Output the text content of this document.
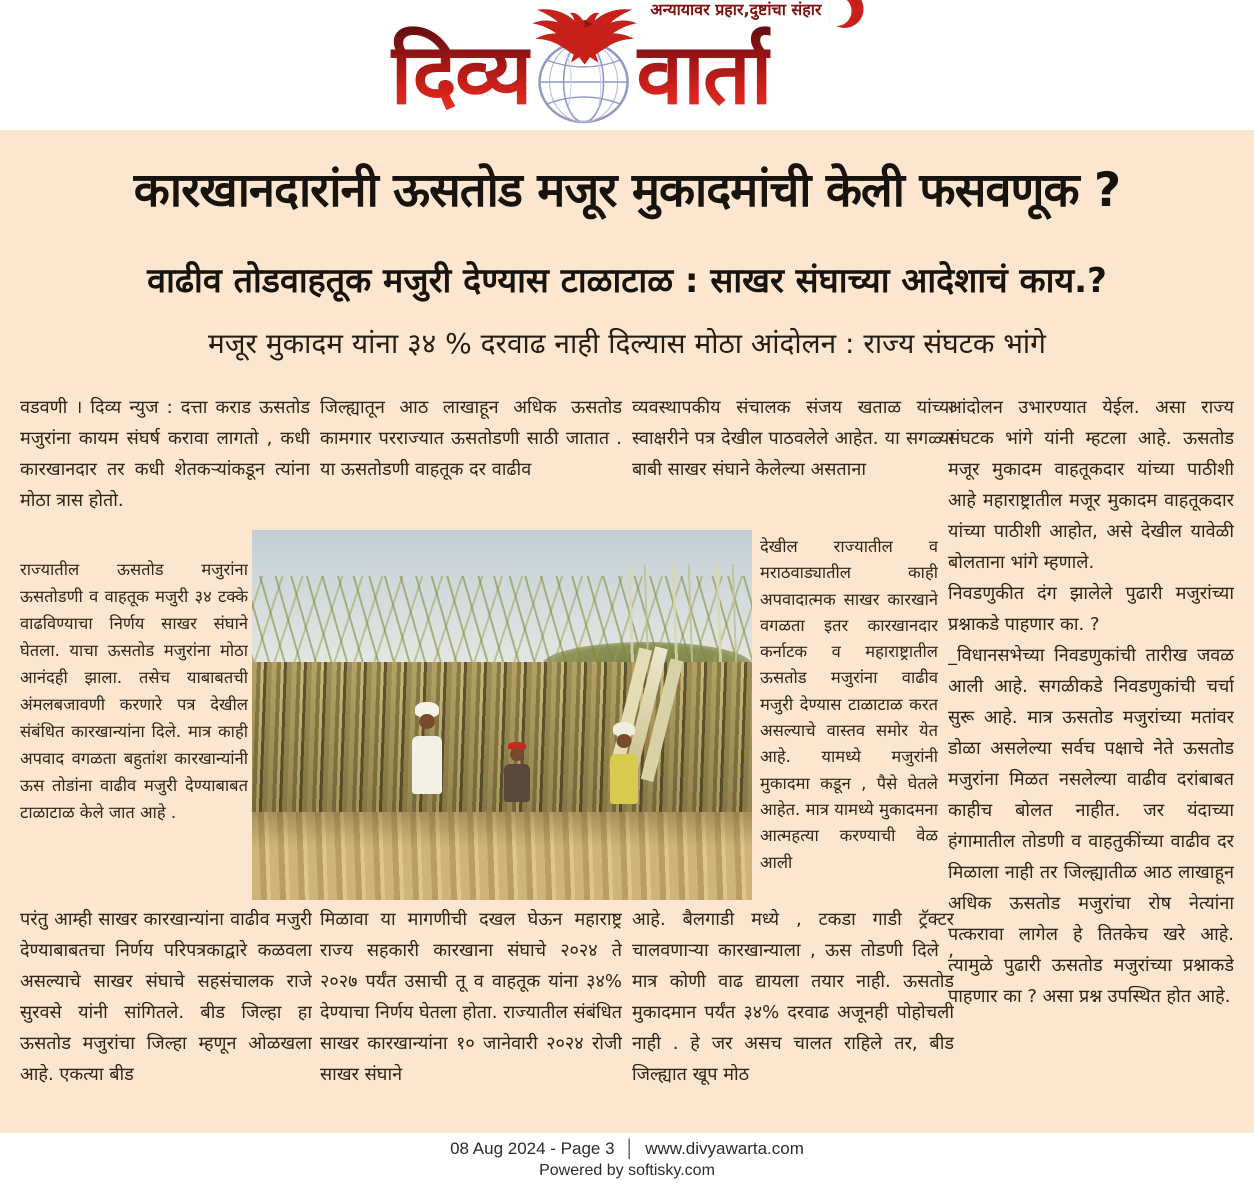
दिव्य
अन्यायावर प्रहार,दुष्टांचा संहार
वार्ता
कारखानदारांनी ऊसतोड मजूर मुकादमांची केली फसवणूक ?
वाढीव तोडवाहतूक मजुरी देण्यास टाळाटाळ : साखर संघाच्या आदेशाचं काय.?
मजूर मुकादम यांना ३४ % दरवाढ नाही दिल्यास मोठा आंदोलन : राज्य संघटक भांगे
वडवणी । दिव्य न्युज : दत्ता कराड ऊसतोड मजुरांना कायम संघर्ष करावा लागतो , कधी कारखानदार तर कधी शेतकऱ्यांकडून त्यांना मोठा त्रास होतो.
राज्यातील ऊसतोड मजुरांना ऊसतोडणी व वाहतूक मजुरी ३४ टक्के वाढविण्याचा निर्णय साखर संघाने घेतला. याचा ऊसतोड मजुरांना मोठा आनंदही झाला. तसेच याबाबतची अंमलबजावणी करणारे पत्र देखील संबंधित कारखान्यांना दिले. मात्र काही अपवाद वगळता बहुतांश कारखान्यांनी ऊस तोडांना वाढीव मजुरी देण्याबाबत टाळाटाळ केले जात आहे .
परंतु आम्ही साखर कारखान्यांना वाढीव मजुरी देण्याबाबतचा निर्णय परिपत्रकाद्वारे कळवला असल्याचे साखर संघाचे सहसंचालक राजे सुरवसे यांनी सांगितले. बीड जिल्हा हा ऊसतोड मजुरांचा जिल्हा म्हणून ओळखला आहे. एकत्या बीड
जिल्ह्यातून आठ लाखाहून अधिक ऊसतोड कामगार परराज्यात ऊसतोडणी साठी जातात . या ऊसतोडणी वाहतूक दर वाढीव
मिळावा या मागणीची दखल घेऊन महाराष्ट्र राज्य सहकारी कारखाना संघाचे २०२४ ते २०२७ पर्यंत उसाची तू व वाहतूक यांना ३४% देण्याचा निर्णय घेतला होता. राज्यातील संबंधित साखर कारखान्यांना १० जानेवारी २०२४ रोजी साखर संघाने
व्यवस्थापकीय संचालक संजय खताळ यांच्या स्वाक्षरीने पत्र देखील पाठवलेले आहेत. या सगळ्या बाबी साखर संघाने केलेल्या असताना
देखील राज्यातील व मराठवाड्यातील काही अपवादात्मक साखर कारखाने वगळता इतर कारखानदार कर्नाटक व महाराष्ट्रातील ऊसतोड मजुरांना वाढीव मजुरी देण्यास टाळाटाळ करत असल्याचे वास्तव समोर येत आहे. यामध्ये मजुरांनी मुकादमा कडून , पैसे घेतले आहेत. मात्र यामध्ये मुकादमना आत्महत्या करण्याची वेळ आली
आहे. बैलगाडी मध्ये , टकडा गाडी ट्रॅक्टर चालवणाऱ्या कारखान्याला , ऊस तोडणी दिले , मात्र कोणी वाढ द्यायला तयार नाही. ऊसतोड मुकादमान पर्यंत ३४% दरवाढ अजूनही पोहोचली नाही . हे जर असच चालत राहिले तर, बीड जिल्ह्यात खूप मोठ

आंदोलन उभारण्यात येईल. असा राज्य संघटक भांगे यांनी म्हटला आहे. ऊसतोड मजूर मुकादम वाहतूकदार यांच्या पाठीशी आहे महाराष्ट्रातील मजूर मुकादम वाहतूकदार यांच्या पाठीशी आहोत, असे देखील यावेळी बोलताना भांगे म्हणाले.

निवडणुकीत दंग झालेले पुढारी मजुरांच्या प्रश्नाकडे पाहणार का. ?

_विधानसभेच्या निवडणुकांची तारीख जवळ आली आहे. सगळीकडे निवडणुकांची चर्चा सुरू आहे. मात्र ऊसतोड मजुरांच्या मतांवर डोळा असलेल्या सर्वच पक्षाचे नेते ऊसतोड मजुरांना मिळत नसलेल्या वाढीव दरांबाबत काहीच बोलत नाहीत. जर यंदाच्या हंगामातील तोडणी व वाहतुकींच्या वाढीव दर मिळाला नाही तर जिल्ह्यातीळ आठ लाखाहून अधिक ऊसतोड मजुरांचा रोष नेत्यांना पत्करावा लागेल हे तितकेच खरे आहे. त्यामुळे पुढारी ऊसतोड मजुरांच्या प्रश्नाकडे पाहणार का ? असा प्रश्न उपस्थित होत आहे.

08 Aug 2024 - Page 3 │ www.divyawarta.com
Powered by softisky.com
